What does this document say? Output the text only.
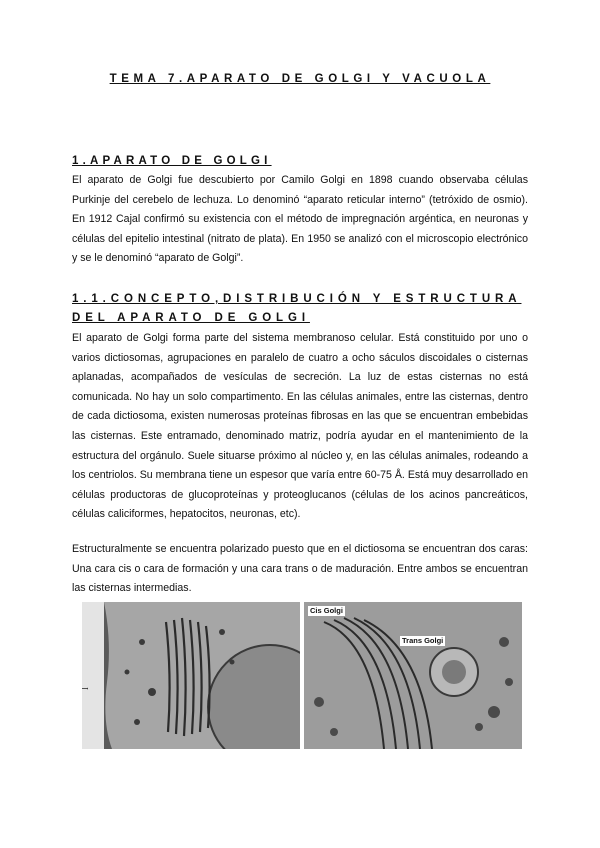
TEMA 7.APARATO DE GOLGI Y VACUOLA
1.APARATO DE GOLGI

El aparato de Golgi fue descubierto por Camilo Golgi en 1898 cuando observaba células Purkinje del cerebelo de lechuza. Lo denominó “aparato reticular interno” (tetróxido de osmio). En 1912 Cajal confirmó su existencia con el método de impregnación argéntica, en neuronas y células del epitelio intestinal (nitrato de plata). En 1950 se analizó con el microscopio electrónico y se le denominó “aparato de Golgi”.

1.1.CONCEPTO,DISTRIBUCIÓN Y ESTRUCTURA DEL APARATO DE GOLGI

El aparato de Golgi forma parte del sistema membranoso celular. Está constituido por uno o varios dictiosomas, agrupaciones en paralelo de cuatro a ocho sáculos discoidales o cisternas aplanadas, acompañados de vesículas de secreción. La luz de estas cisternas no está comunicada. No hay un solo compartimento. En las células animales, entre las cisternas, dentro de cada dictiosoma, existen numerosas proteínas fibrosas en las que se encuentran embebidas las cisternas. Este entramado, denominado matriz, podría ayudar en el mantenimiento de la estructura del orgánulo. Suele situarse próximo al núcleo y, en las células animales, rodeando a los centriolos. Su membrana tiene un espesor que varía entre 60-75 Å. Está muy desarrollado en células productoras de glucoproteínas y proteoglucanos (células de los acinos pancreáticos, células caliciformes, hepatocitos, neuronas, etc).

Estructuralmente se encuentra polarizado puesto que en el dictiosoma se encuentran dos caras: Una cara cis o cara de formación y una cara trans o de maduración. Entre ambos se encuentran las cisternas intermedias.

ꟾ
Cis Golgi
Trans Golgi
